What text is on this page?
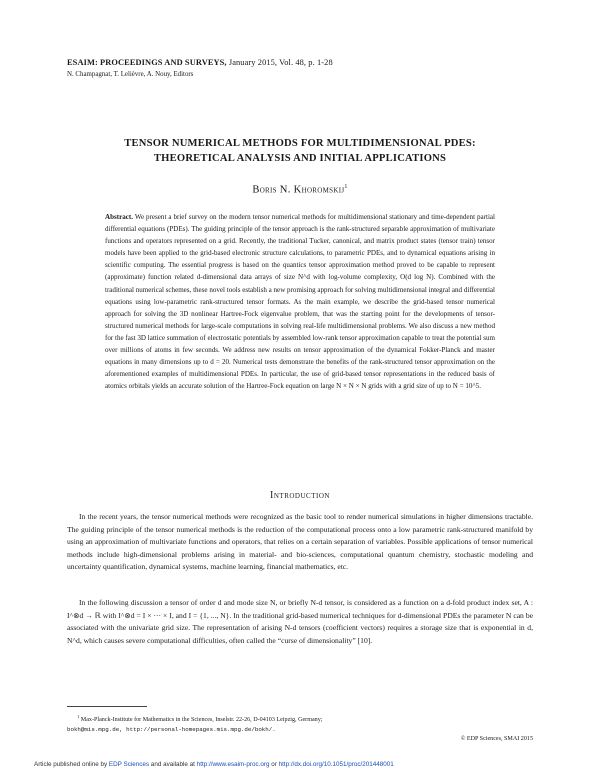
ESAIM: PROCEEDINGS AND SURVEYS, January 2015, Vol. 48, p. 1-28
N. Champagnat, T. Lelièvre, A. Nouy, Editors
TENSOR NUMERICAL METHODS FOR MULTIDIMENSIONAL PDES:
THEORETICAL ANALYSIS AND INITIAL APPLICATIONS
Boris N. Khoromskij$^1$
Abstract. We present a brief survey on the modern tensor numerical methods for multidimensional stationary and time-dependent partial differential equations (PDEs). The guiding principle of the tensor approach is the rank-structured separable approximation of multivariate functions and operators represented on a grid. Recently, the traditional Tucker, canonical, and matrix product states (tensor train) tensor models have been applied to the grid-based electronic structure calculations, to parametric PDEs, and to dynamical equations arising in scientific computing. The essential progress is based on the quantics tensor approximation method proved to be capable to represent (approximate) function related d-dimensional data arrays of size N^d with log-volume complexity, O(d log N). Combined with the traditional numerical schemes, these novel tools establish a new promising approach for solving multidimensional integral and differential equations using low-parametric rank-structured tensor formats. As the main example, we describe the grid-based tensor numerical approach for solving the 3D nonlinear Hartree-Fock eigenvalue problem, that was the starting point for the developments of tensor-structured numerical methods for large-scale computations in solving real-life multidimensional problems. We also discuss a new method for the fast 3D lattice summation of electrostatic potentials by assembled low-rank tensor approximation capable to treat the potential sum over millions of atoms in few seconds. We address new results on tensor approximation of the dynamical Fokker-Planck and master equations in many dimensions up to d = 20. Numerical tests demonstrate the benefits of the rank-structured tensor approximation on the aforementioned examples of multidimensional PDEs. In particular, the use of grid-based tensor representations in the reduced basis of atomics orbitals yields an accurate solution of the Hartree-Fock equation on large N × N × N grids with a grid size of up to N = 10^5.
Introduction
In the recent years, the tensor numerical methods were recognized as the basic tool to render numerical simulations in higher dimensions tractable. The guiding principle of the tensor numerical methods is the reduction of the computational process onto a low parametric rank-structured manifold by using an approximation of multivariate functions and operators, that relies on a certain separation of variables. Possible applications of tensor numerical methods include high-dimensional problems arising in material- and bio-sciences, computational quantum chemistry, stochastic modeling and uncertainty quantification, dynamical systems, machine learning, financial mathematics, etc.
In the following discussion a tensor of order d and mode size N, or briefly N-d tensor, is considered as a function on a d-fold product index set, A : I^⊗d → ℝ with I^⊗d = I × ··· × I, and I = {1, ..., N}. In the traditional grid-based numerical techniques for d-dimensional PDEs the parameter N can be associated with the univariate grid size. The representation of arising N-d tensors (coefficient vectors) requires a storage size that is exponential in d, N^d, which causes severe computational difficulties, often called the “curse of dimensionality” [10].
$^1$ Max-Planck-Institute for Mathematics in the Sciences, Inselstr. 22-26, D-04103 Leipzig, Germany;
bokh@mis.mpg.de, http://personal-homepages.mis.mpg.de/bokh/.
© EDP Sciences, SMAI 2015
Article published online by EDP Sciences and available at http://www.esaim-proc.org or http://dx.doi.org/10.1051/proc/201448001
